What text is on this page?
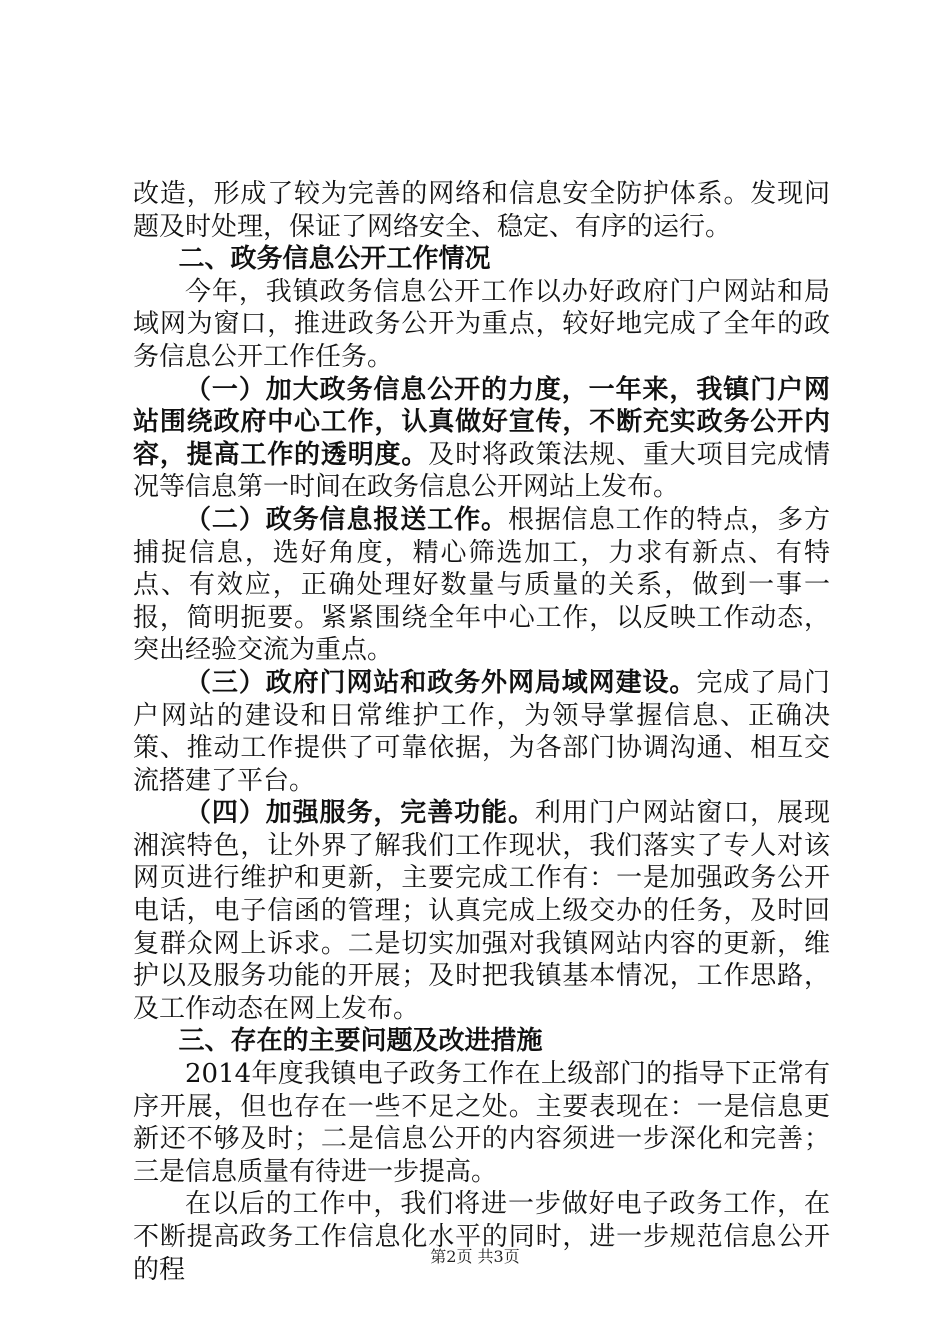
改造，形成了较为完善的网络和信息安全防护体系。发现问题及时处理，保证了网络安全、稳定、有序的运行。

二、政务信息公开工作情况

今年，我镇政务信息公开工作以办好政府门户网站和局域网为窗口，推进政务公开为重点，较好地完成了全年的政务信息公开工作任务。

（一）加大政务信息公开的力度，一年来，我镇门户网站围绕政府中心工作，认真做好宣传，不断充实政务公开内容，提高工作的透明度。及时将政策法规、重大项目完成情况等信息第一时间在政务信息公开网站上发布。

（二）政务信息报送工作。根据信息工作的特点，多方捕捉信息，选好角度，精心筛选加工，力求有新点、有特点、有效应，正确处理好数量与质量的关系，做到一事一报，简明扼要。紧紧围绕全年中心工作，以反映工作动态，突出经验交流为重点。

（三）政府门网站和政务外网局域网建设。完成了局门户网站的建设和日常维护工作，为领导掌握信息、正确决策、推动工作提供了可靠依据，为各部门协调沟通、相互交流搭建了平台。

（四）加强服务，完善功能。利用门户网站窗口，展现湘滨特色，让外界了解我们工作现状，我们落实了专人对该网页进行维护和更新，主要完成工作有：一是加强政务公开电话，电子信函的管理；认真完成上级交办的任务，及时回复群众网上诉求。二是切实加强对我镇网站内容的更新，维护以及服务功能的开展；及时把我镇基本情况，工作思路，及工作动态在网上发布。

三、存在的主要问题及改进措施

2014年度我镇电子政务工作在上级部门的指导下正常有序开展，但也存在一些不足之处。主要表现在：一是信息更新还不够及时；二是信息公开的内容须进一步深化和完善；三是信息质量有待进一步提高。

在以后的工作中，我们将进一步做好电子政务工作，在不断提高政务工作信息化水平的同时，进一步规范信息公开的程	第2页 共3页
